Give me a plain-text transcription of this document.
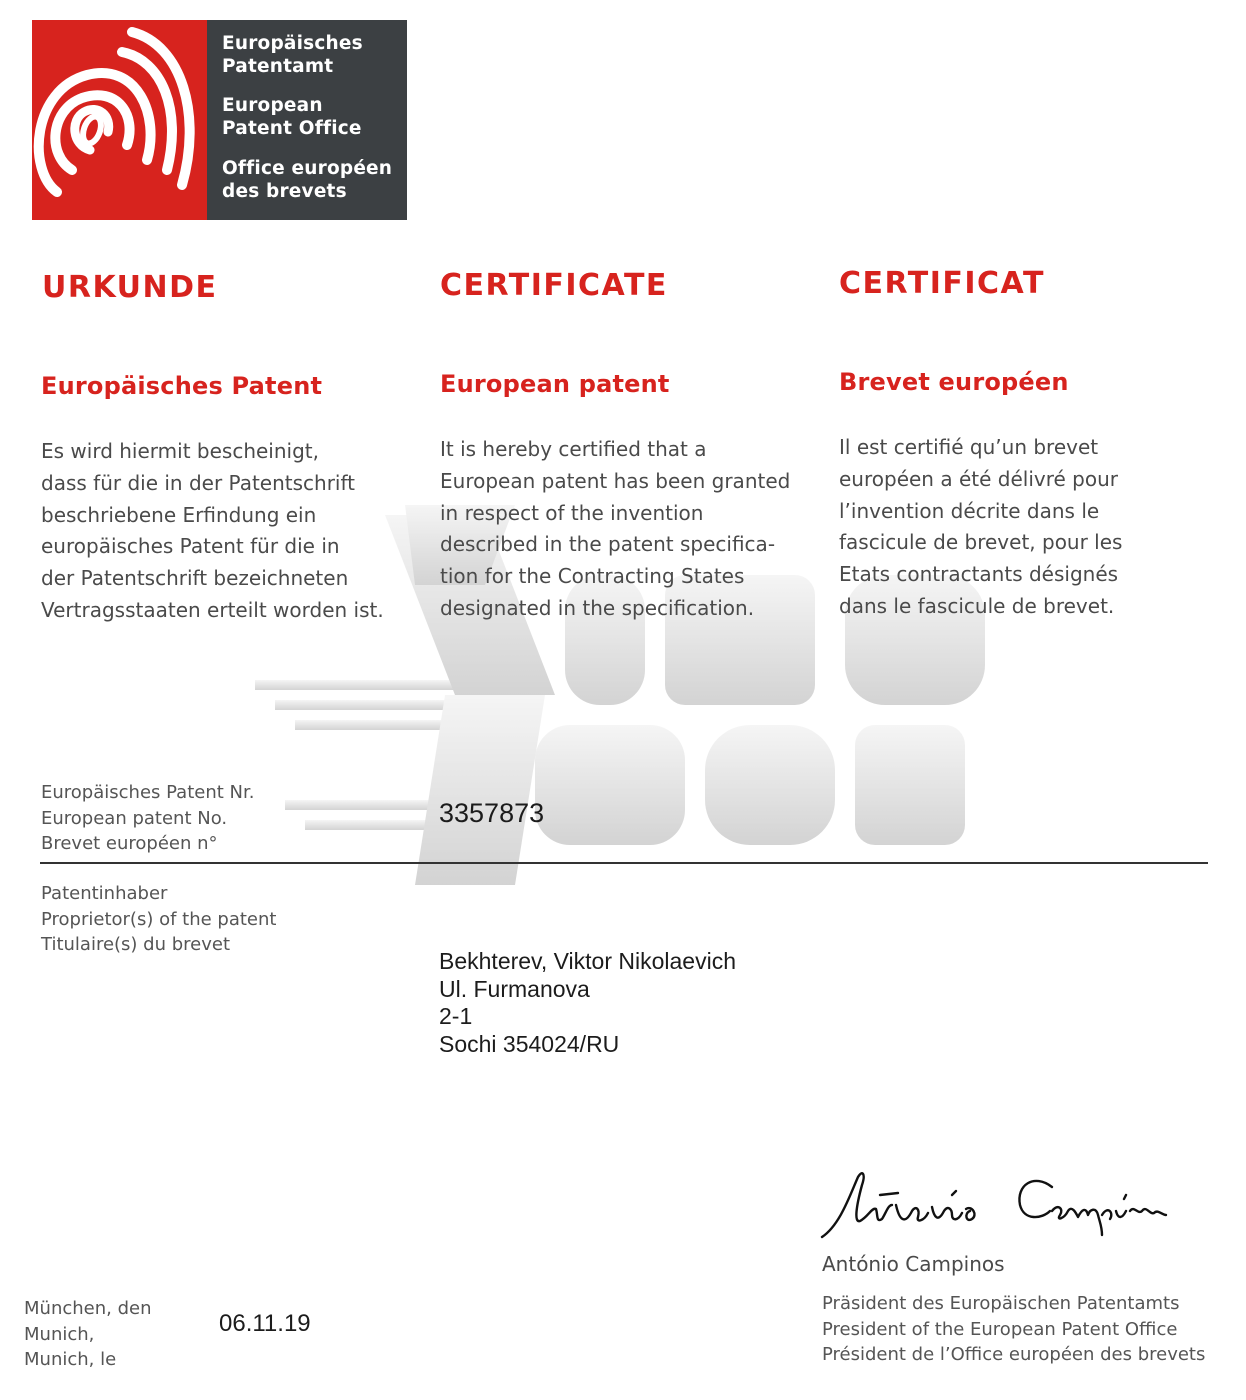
Europäisches
Patentamt
European
Patent Office
Office européen
des brevets
URKUNDE
Europäisches Patent
Es wird hiermit bescheinigt,
dass für die in der Patentschrift
beschriebene Erfindung ein
europäisches Patent für die in
der Patentschrift bezeichneten
Vertragsstaaten erteilt worden ist.
CERTIFICATE
European patent
It is hereby certified that a
European patent has been granted
in respect of the invention
described in the patent specifica-
tion for the Contracting States
designated in the specification.
CERTIFICAT
Brevet européen
Il est certifié qu’un brevet
européen a été délivré pour
l’invention décrite dans le
fascicule de brevet, pour les
Etats contractants désignés
dans le fascicule de brevet.
Europäisches Patent Nr.
European patent No.
Brevet européen n°
3357873
Patentinhaber
Proprietor(s) of the patent
Titulaire(s) du brevet
Bekhterev, Viktor Nikolaevich
Ul. Furmanova
2-1
Sochi 354024/RU
António Campinos
Präsident des Europäischen Patentamts
President of the European Patent Office
Président de l’Office européen des brevets
München, den
Munich,
Munich, le
06.11.19
